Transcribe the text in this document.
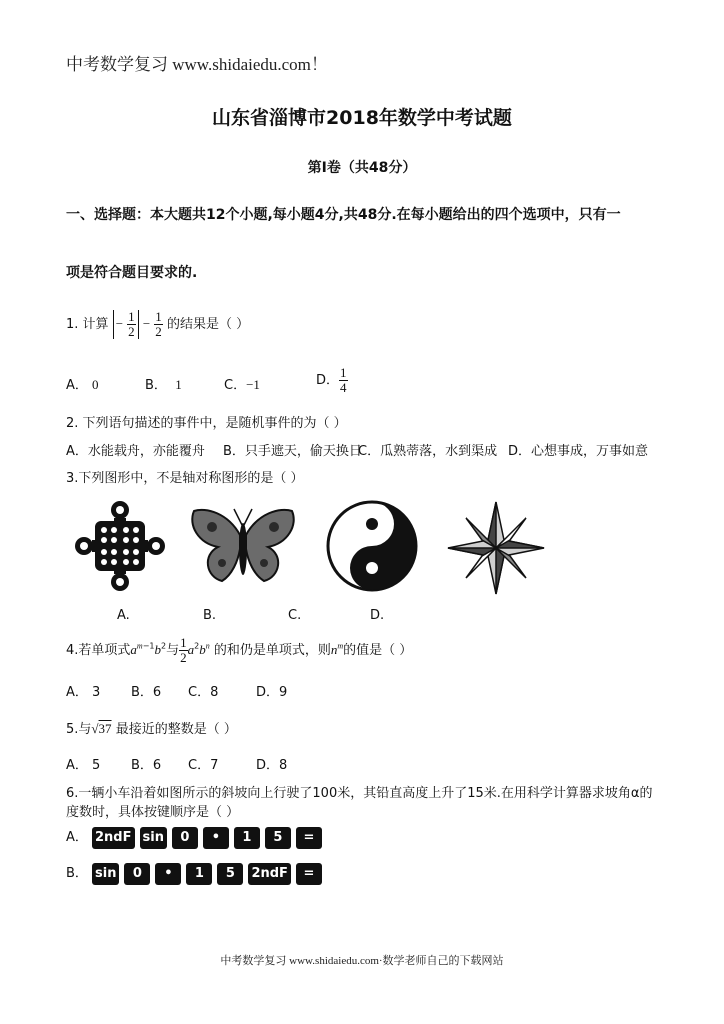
中考数学复习 www.shidaiedu.com！
山东省淄博市2018年数学中考试题
第Ⅰ卷（共48分）
一、选择题：本大题共12个小题,每小题4分,共48分.在每小题给出的四个选项中，只有一
项是符合题目要求的.
1. 计算 − $\frac{1}{2} - \frac{1}{2}$ 的结果是（ ）
A． 0	B． 1	C．−1	D． $\frac{1}{4}$
2. 下列语句描述的事件中，是随机事件的为（ ）
A．水能载舟，亦能覆舟 B．只手遮天，偷天换日
C．瓜熟蒂落，水到渠成 D．心想事成，万事如意
3.下列图形中，不是轴对称图形的是（ ）
A.	B.	C.	D.
4.若单项式$a^{m-1}b^2$与 $\frac{1}{2} a^2b^n$ 的和仍是单项式，则$n^m$的值是（ ）
A． 3 B．6 C．8	D．9
5.与√37 最接近的整数是（ ）
A． 5 B．6 C．7	D．8
6.一辆小车沿着如图所示的斜坡向上行驶了100米，其铅直高度上升了15米.在用科学计算器求坡角α的
度数时，具体按键顺序是（ ）
A． 2ndF sin 0 • 1 5 =
B． sin 0 • 1 5 2ndF =
中考数学复习 www.shidaiedu.com·数学老师自己的下载网站
